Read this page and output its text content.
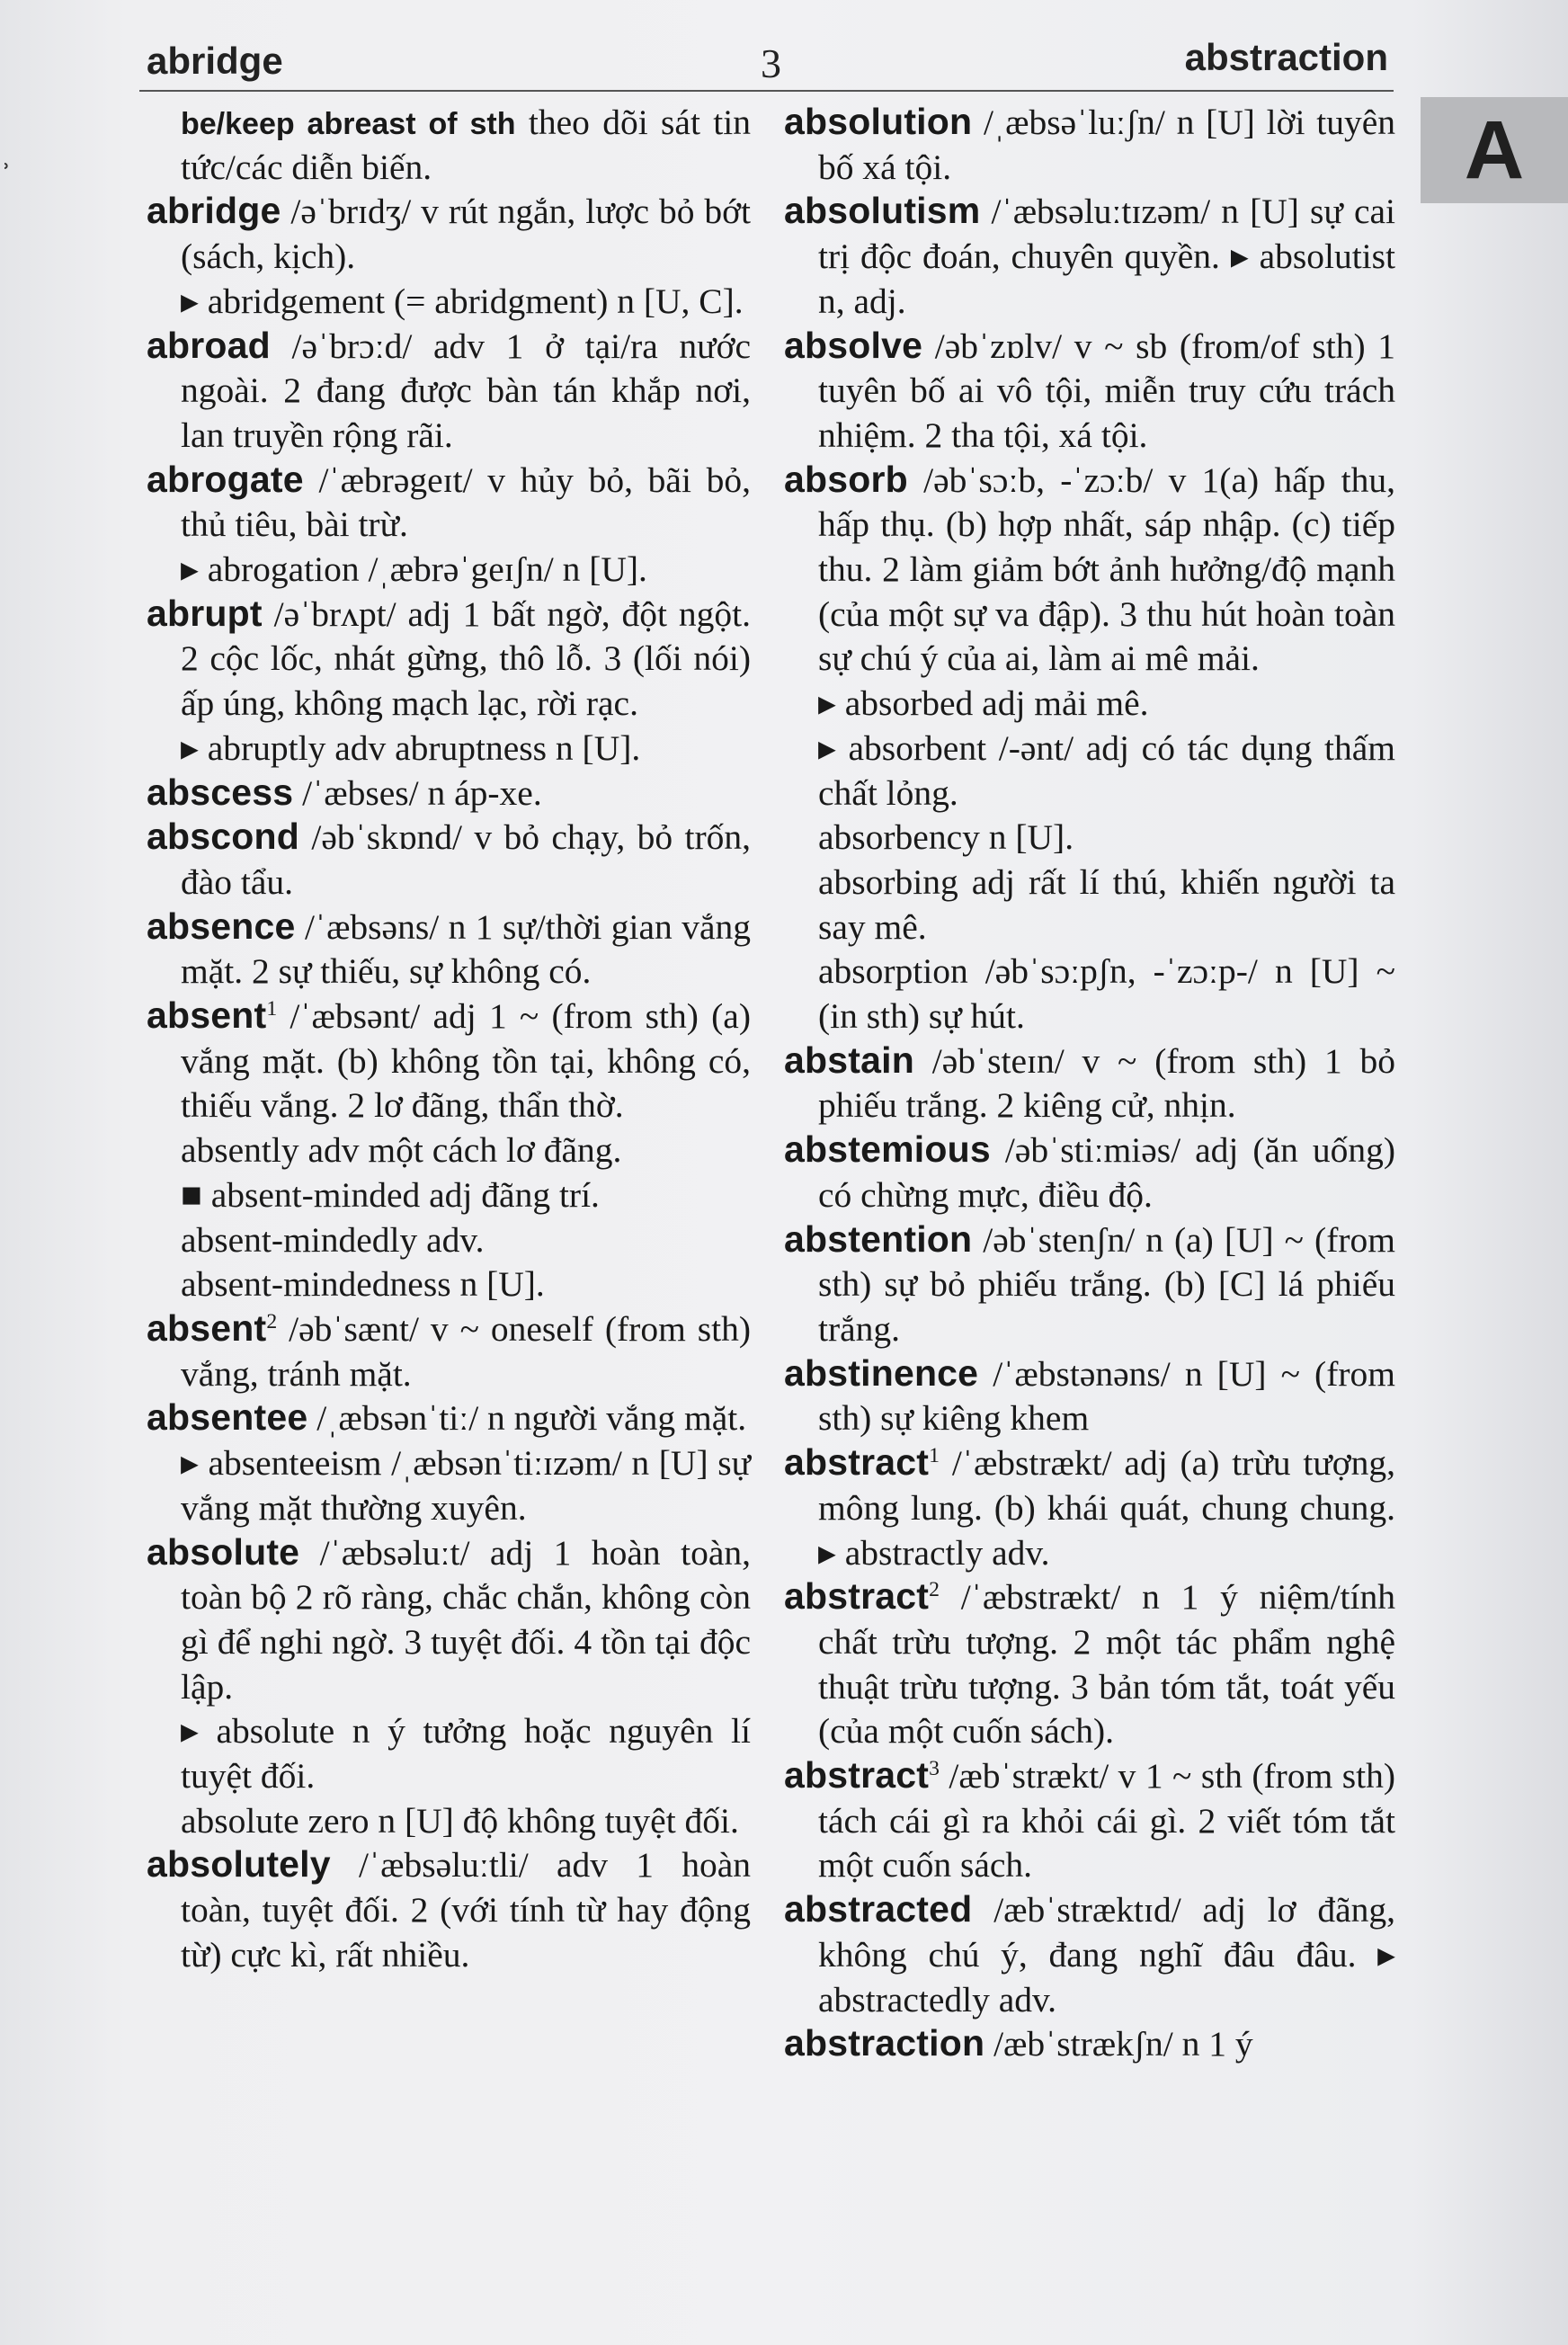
˒
abridge	3	abstraction
A

be/keep abreast of sth theo dõi sát tin tức/các diễn biến.

abridge /əˈbrɪdʒ/ v rút ngắn, lược bỏ bớt (sách, kịch).

▸ abridgement (= abridgment) n [U, C].

abroad /əˈbrɔːd/ adv 1 ở tại/ra nước ngoài. 2 đang được bàn tán khắp nơi, lan truyền rộng rãi.

abrogate /ˈæbrəgeɪt/ v hủy bỏ, bãi bỏ, thủ tiêu, bài trừ.

▸ abrogation /ˌæbrəˈgeɪʃn/ n [U].

abrupt /əˈbrʌpt/ adj 1 bất ngờ, đột ngột. 2 cộc lốc, nhát gừng, thô lỗ. 3 (lối nói) ấp úng, không mạch lạc, rời rạc.

▸ abruptly adv abruptness n [U].

abscess /ˈæbses/ n áp-xe.

abscond /əbˈskɒnd/ v bỏ chạy, bỏ trốn, đào tẩu.

absence /ˈæbsəns/ n 1 sự/thời gian vắng mặt. 2 sự thiếu, sự không có.

absent$^1$ /ˈæbsənt/ adj 1 ~ (from sth) (a) vắng mặt. (b) không tồn tại, không có, thiếu vắng. 2 lơ đãng, thẩn thờ.

absently adv một cách lơ đãng.

■ absent-minded adj đãng trí.

absent-mindedly adv.

absent-mindedness n [U].

absent$^2$ /əbˈsænt/ v ~ oneself (from sth) vắng, tránh mặt.

absentee /ˌæbsənˈtiː/ n người vắng mặt.

▸ absenteeism /ˌæbsənˈtiːɪzəm/ n [U] sự vắng mặt thường xuyên.

absolute /ˈæbsəluːt/ adj 1 hoàn toàn, toàn bộ 2 rõ ràng, chắc chắn, không còn gì để nghi ngờ. 3 tuyệt đối. 4 tồn tại độc lập.

▸ absolute n ý tưởng hoặc nguyên lí tuyệt đối.

absolute zero n [U] độ không tuyệt đối.

absolutely /ˈæbsəluːtli/ adv 1 hoàn toàn, tuyệt đối. 2 (với tính từ hay động từ) cực kì, rất nhiều.

absolution /ˌæbsəˈluːʃn/ n [U] lời tuyên bố xá tội.

absolutism /ˈæbsəluːtɪzəm/ n [U] sự cai trị độc đoán, chuyên quyền. ▸ absolutist n, adj.

absolve /əbˈzɒlv/ v ~ sb (from/of sth) 1 tuyên bố ai vô tội, miễn truy cứu trách nhiệm. 2 tha tội, xá tội.

absorb /əbˈsɔːb, -ˈzɔːb/ v 1(a) hấp thu, hấp thụ. (b) hợp nhất, sáp nhập. (c) tiếp thu. 2 làm giảm bớt ảnh hưởng/độ mạnh (của một sự va đập). 3 thu hút hoàn toàn sự chú ý của ai, làm ai mê mải.

▸ absorbed adj mải mê.

▸ absorbent /-ənt/ adj có tác dụng thấm chất lỏng.

absorbency n [U].

absorbing adj rất lí thú, khiến người ta say mê.

absorption /əbˈsɔːpʃn, -ˈzɔːp-/ n [U] ~ (in sth) sự hút.

abstain /əbˈsteɪn/ v ~ (from sth) 1 bỏ phiếu trắng. 2 kiêng cử, nhịn.

abstemious /əbˈstiːmiəs/ adj (ăn uống) có chừng mực, điều độ.

abstention /əbˈstenʃn/ n (a) [U] ~ (from sth) sự bỏ phiếu trắng. (b) [C] lá phiếu trắng.

abstinence /ˈæbstənəns/ n [U] ~ (from sth) sự kiêng khem

abstract$^1$ /ˈæbstrækt/ adj (a) trừu tượng, mông lung. (b) khái quát, chung chung. ▸ abstractly adv.

abstract$^2$ /ˈæbstrækt/ n 1 ý niệm/tính chất trừu tượng. 2 một tác phẩm nghệ thuật trừu tượng. 3 bản tóm tắt, toát yếu (của một cuốn sách).

abstract$^3$ /æbˈstrækt/ v 1 ~ sth (from sth) tách cái gì ra khỏi cái gì. 2 viết tóm tắt một cuốn sách.

abstracted /æbˈstræktɪd/ adj lơ đãng, không chú ý, đang nghĩ đâu đâu. ▸ abstractedly adv.

abstraction /æbˈstrækʃn/ n 1 ý
